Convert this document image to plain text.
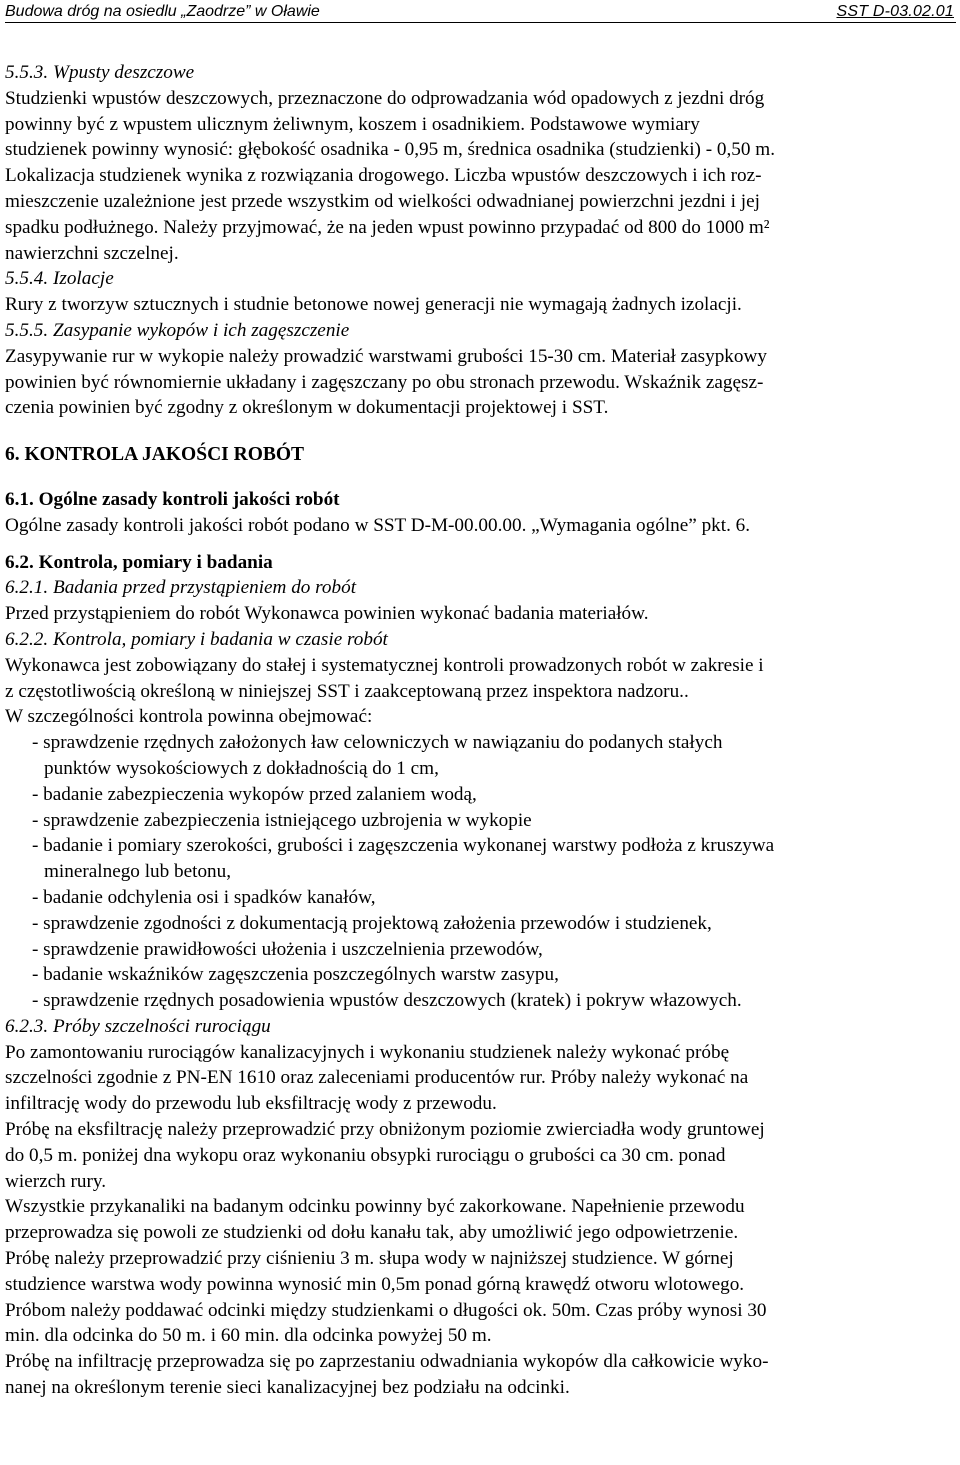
Budowa dróg na osiedlu „Zaodrze” w Oławie	SST D-03.02.01
5.5.3. Wpusty deszczowe
Studzienki wpustów deszczowych, przeznaczone do odprowadzania wód opadowych z jezdni dróg
powinny być z wpustem ulicznym żeliwnym, koszem i osadnikiem. Podstawowe wymiary
studzienek powinny wynosić: głębokość osadnika - 0,95 m, średnica osadnika (studzienki) - 0,50 m.
Lokalizacja studzienek wynika z rozwiązania drogowego. Liczba wpustów deszczowych i ich roz-
mieszczenie uzależnione jest przede wszystkim od wielkości odwadnianej powierzchni jezdni i jej
spadku podłużnego. Należy przyjmować, że na jeden wpust powinno przypadać od 800 do 1000 m²
nawierzchni szczelnej.
5.5.4. Izolacje
Rury z tworzyw sztucznych i studnie betonowe nowej generacji nie wymagają żadnych izolacji.
5.5.5. Zasypanie wykopów i ich zagęszczenie
Zasypywanie rur w wykopie należy prowadzić warstwami grubości 15-30 cm. Materiał zasypkowy
powinien być równomiernie układany i zagęszczany po obu stronach przewodu. Wskaźnik zagęsz-
czenia powinien być zgodny z określonym w dokumentacji projektowej i SST.
6. KONTROLA JAKOŚCI ROBÓT
6.1. Ogólne zasady kontroli jakości robót
Ogólne zasady kontroli jakości robót podano w SST D-M-00.00.00. „Wymagania ogólne” pkt. 6.
6.2. Kontrola, pomiary i badania
6.2.1. Badania przed przystąpieniem do robót
Przed przystąpieniem do robót Wykonawca powinien wykonać badania materiałów.
6.2.2. Kontrola, pomiary i badania w czasie robót
Wykonawca jest zobowiązany do stałej i systematycznej kontroli prowadzonych robót w zakresie i
z częstotliwością określoną w niniejszej SST i zaakceptowaną przez inspektora nadzoru..
W szczególności kontrola powinna obejmować:
- sprawdzenie rzędnych założonych ław celowniczych w nawiązaniu do podanych stałych
punktów wysokościowych z dokładnością do 1 cm,
- badanie zabezpieczenia wykopów przed zalaniem wodą,
- sprawdzenie zabezpieczenia istniejącego uzbrojenia w wykopie
- badanie i pomiary szerokości, grubości i zagęszczenia wykonanej warstwy podłoża z kruszywa
mineralnego lub betonu,
- badanie odchylenia osi i spadków kanałów,
- sprawdzenie zgodności z dokumentacją projektową założenia przewodów i studzienek,
- sprawdzenie prawidłowości ułożenia i uszczelnienia przewodów,
- badanie wskaźników zagęszczenia poszczególnych warstw zasypu,
- sprawdzenie rzędnych posadowienia wpustów deszczowych (kratek) i pokryw włazowych.
6.2.3. Próby szczelności rurociągu
Po zamontowaniu rurociągów kanalizacyjnych i wykonaniu studzienek należy wykonać próbę
szczelności zgodnie z PN-EN 1610 oraz zaleceniami producentów rur. Próby należy wykonać na
infiltrację wody do przewodu lub eksfiltrację wody z przewodu.
Próbę na eksfiltrację należy przeprowadzić przy obniżonym poziomie zwierciadła wody gruntowej
do 0,5 m. poniżej dna wykopu oraz wykonaniu obsypki rurociągu o grubości ca 30 cm. ponad
wierzch rury.
Wszystkie przykanaliki na badanym odcinku powinny być zakorkowane. Napełnienie przewodu
przeprowadza się powoli ze studzienki od dołu kanału tak, aby umożliwić jego odpowietrzenie.
Próbę należy przeprowadzić przy ciśnieniu 3 m. słupa wody w najniższej studzience. W górnej
studzience warstwa wody powinna wynosić min 0,5m ponad górną krawędź otworu wlotowego.
Próbom należy poddawać odcinki między studzienkami o długości ok. 50m. Czas próby wynosi 30
min. dla odcinka do 50 m. i 60 min. dla odcinka powyżej 50 m.
Próbę na infiltrację przeprowadza się po zaprzestaniu odwadniania wykopów dla całkowicie wyko-
nanej na określonym terenie sieci kanalizacyjnej bez podziału na odcinki.
